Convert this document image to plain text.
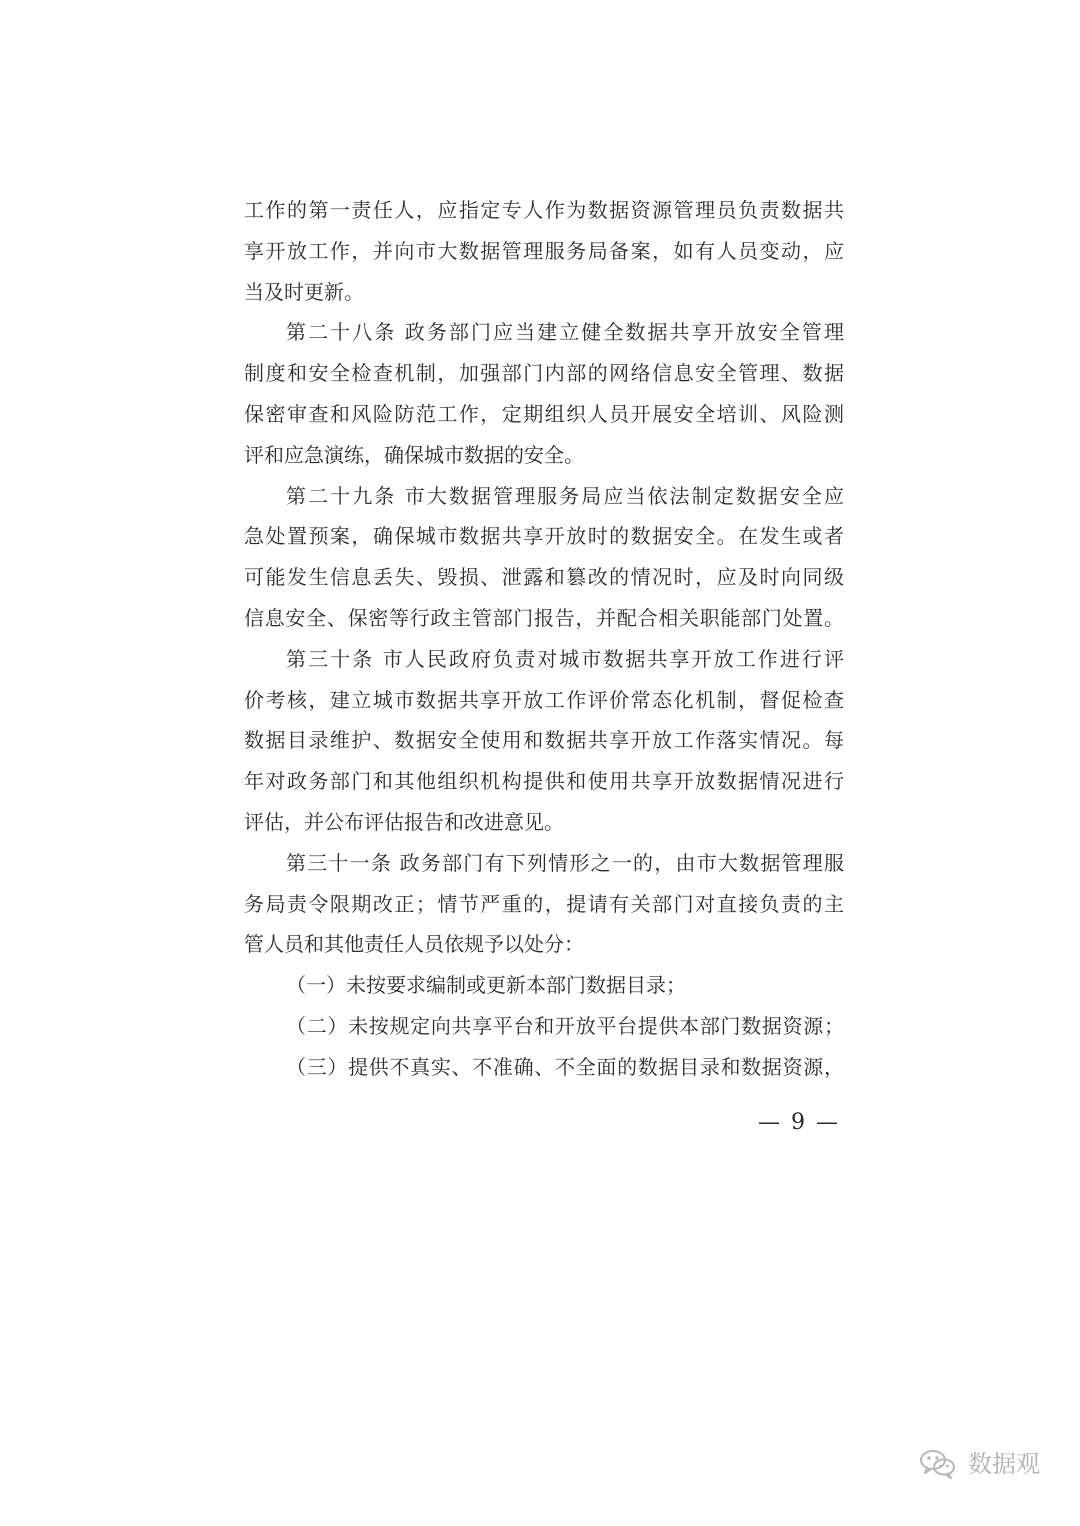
工作的第一责任人，应指定专人作为数据资源管理员负责数据共
享开放工作，并向市大数据管理服务局备案，如有人员变动，应
当及时更新。
第二十八条 政务部门应当建立健全数据共享开放安全管理
制度和安全检查机制，加强部门内部的网络信息安全管理、数据
保密审查和风险防范工作，定期组织人员开展安全培训、风险测
评和应急演练，确保城市数据的安全。
第二十九条 市大数据管理服务局应当依法制定数据安全应
急处置预案，确保城市数据共享开放时的数据安全。在发生或者
可能发生信息丢失、毁损、泄露和篡改的情况时，应及时向同级
信息安全、保密等行政主管部门报告，并配合相关职能部门处置。
第三十条 市人民政府负责对城市数据共享开放工作进行评
价考核，建立城市数据共享开放工作评价常态化机制，督促检查
数据目录维护、数据安全使用和数据共享开放工作落实情况。每
年对政务部门和其他组织机构提供和使用共享开放数据情况进行
评估，并公布评估报告和改进意见。
第三十一条 政务部门有下列情形之一的，由市大数据管理服
务局责令限期改正；情节严重的，提请有关部门对直接负责的主
管人员和其他责任人员依规予以处分：
（一）未按要求编制或更新本部门数据目录；
（二）未按规定向共享平台和开放平台提供本部门数据资源；
（三）提供不真实、不准确、不全面的数据目录和数据资源，
— 9 —
数据观
